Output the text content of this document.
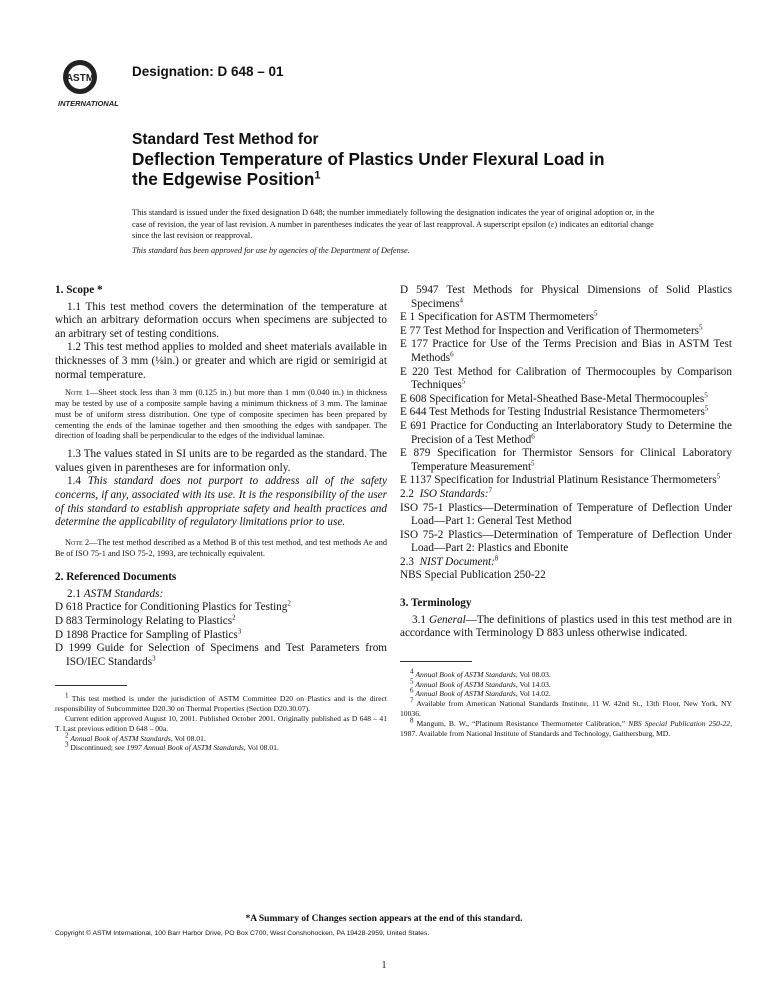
ASTM
INTERNATIONAL
Designation: D 648 – 01
Standard Test Method for
Deflection Temperature of Plastics Under Flexural Load in
the Edgewise Position$^1$
This standard is issued under the fixed designation D 648; the number immediately following the designation indicates the year of original adoption or, in the case of revision, the year of last revision. A number in parentheses indicates the year of last reapproval. A superscript epsilon (ε) indicates an editorial change since the last revision or reapproval.
This standard has been approved for use by agencies of the Department of Defense.

1. Scope *

1.1 This test method covers the determination of the temperature at which an arbitrary deformation occurs when specimens are subjected to an arbitrary set of testing conditions.

1.2 This test method applies to molded and sheet materials available in thicknesses of 3 mm (⅛in.) or greater and which are rigid or semirigid at normal temperature.

Note 1—Sheet stock less than 3 mm (0.125 in.) but more than 1 mm (0.040 in.) in thickness may be tested by use of a composite sample having a minimum thickness of 3 mm. The laminae must be of uniform stress distribution. One type of composite specimen has been prepared by cementing the ends of the laminae together and then smoothing the edges with sandpaper. The direction of loading shall be perpendicular to the edges of the individual laminae.

1.3 The values stated in SI units are to be regarded as the standard. The values given in parentheses are for information only.

1.4 This standard does not purport to address all of the safety concerns, if any, associated with its use. It is the responsibility of the user of this standard to establish appropriate safety and health practices and determine the applicability of regulatory limitations prior to use.

Note 2—The test method described as a Method B of this test method, and test methods Ae and Be of ISO 75-1 and ISO 75-2, 1993, are technically equivalent.

2. Referenced Documents

2.1 ASTM Standards:

D 618 Practice for Conditioning Plastics for Testing$^2$

D 883 Terminology Relating to Plastics$^2$

D 1898 Practice for Sampling of Plastics$^3$

D 1999 Guide for Selection of Specimens and Test Parameters from ISO/IEC Standards$^3$

$^1$ This test method is under the jurisdiction of ASTM Committee D20 on Plastics and is the direct responsibility of Subcommittee D20.30 on Thermal Properties (Section D20.30.07).

Current edition approved August 10, 2001. Published October 2001. Originally published as D 648 – 41 T. Last previous edition D 648 – 00a.

$^2$ Annual Book of ASTM Standards, Vol 08.01.

$^3$ Discontinued; see 1997 Annual Book of ASTM Standards, Vol 08.01.

D 5947 Test Methods for Physical Dimensions of Solid Plastics Specimens$^4$

E 1 Specification for ASTM Thermometers$^5$

E 77 Test Method for Inspection and Verification of Thermometers$^5$

E 177 Practice for Use of the Terms Precision and Bias in ASTM Test Methods$^6$

E 220 Test Method for Calibration of Thermocouples by Comparison Techniques$^5$

E 608 Specification for Metal-Sheathed Base-Metal Thermocouples$^5$

E 644 Test Methods for Testing Industrial Resistance Thermometers$^5$

E 691 Practice for Conducting an Interlaboratory Study to Determine the Precision of a Test Method$^6$

E 879 Specification for Thermistor Sensors for Clinical Laboratory Temperature Measurement$^5$

E 1137 Specification for Industrial Platinum Resistance Thermometers$^5$

2.2 ISO Standards:$^7$

ISO 75-1 Plastics—Determination of Temperature of Deflection Under Load—Part 1: General Test Method

ISO 75-2 Plastics—Determination of Temperature of Deflection Under Load—Part 2: Plastics and Ebonite

2.3 NIST Document:$^8$

NBS Special Publication 250-22

3. Terminology

3.1 General—The definitions of plastics used in this test method are in accordance with Terminology D 883 unless otherwise indicated.

$^4$ Annual Book of ASTM Standards, Vol 08.03.

$^5$ Annual Book of ASTM Standards, Vol 14.03.

$^6$ Annual Book of ASTM Standards, Vol 14.02.

$^7$ Available from American National Standards Institute, 11 W. 42nd St., 13th Floor, New York, NY 10036.

$^8$ Mangum, B. W., “Platinum Resistance Thermometer Calibration,” NBS Special Publication 250-22, 1987. Available from National Institute of Standards and Technology, Gaithersburg, MD.

*A Summary of Changes section appears at the end of this standard.
Copyright © ASTM International, 100 Barr Harbor Drive, PO Box C700, West Conshohocken, PA 19428-2959, United States.
1
